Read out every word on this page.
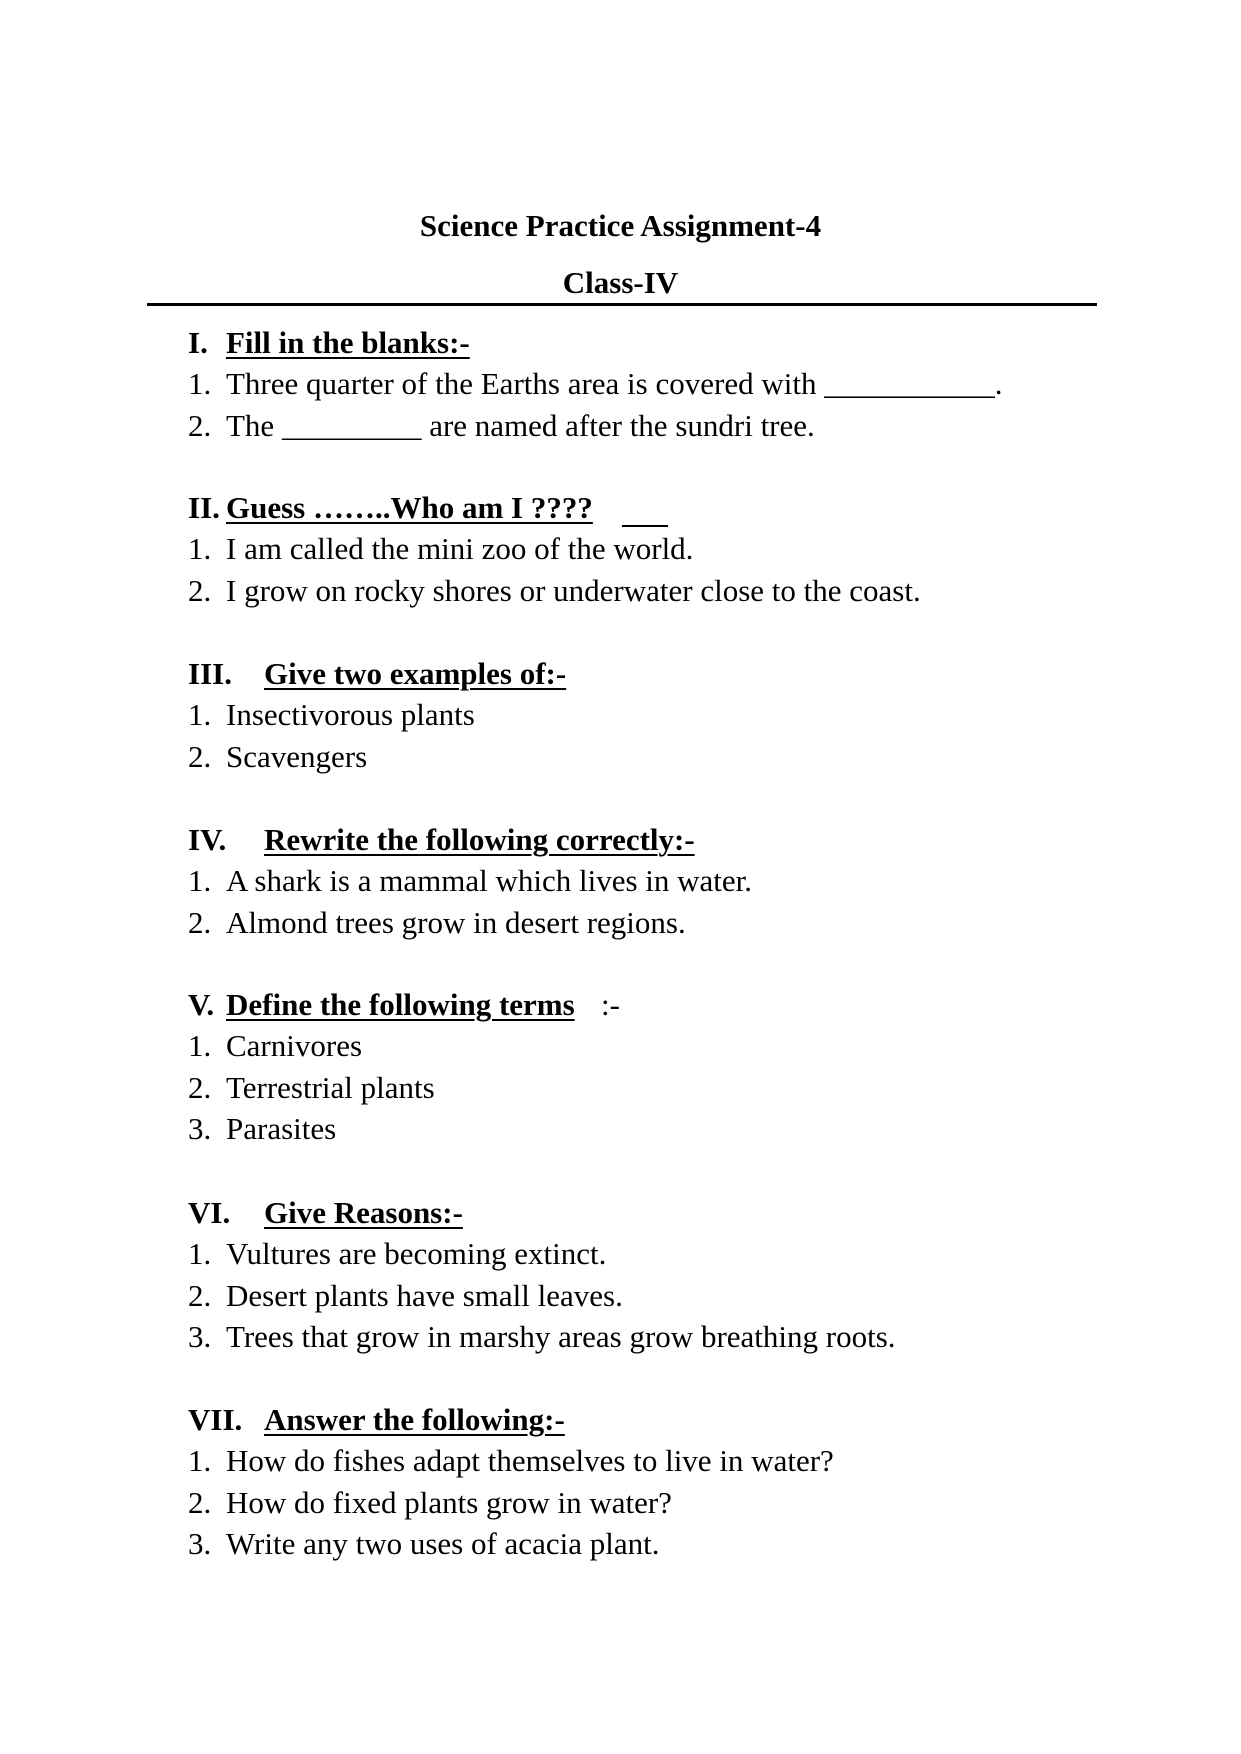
Science Practice Assignment-4
Class-IV
I. Fill in the blanks:-
1. Three quarter of the Earths area is covered with ___________.
2. The _________ are named after the sundri tree.
II. Guess ……..Who am I ????
1. I am called the mini zoo of the world.
2. I grow on rocky shores or underwater close to the coast.
III. Give two examples of:-
1. Insectivorous plants
2. Scavengers
IV. Rewrite the following correctly:-
1. A shark is a mammal which lives in water.
2. Almond trees grow in desert regions.
V. Define the following terms :-
1. Carnivores
2. Terrestrial plants
3. Parasites
VI. Give Reasons:-
1. Vultures are becoming extinct.
2. Desert plants have small leaves.
3. Trees that grow in marshy areas grow breathing roots.
VII. Answer the following:-
1. How do fishes adapt themselves to live in water?
2. How do fixed plants grow in water?
3. Write any two uses of acacia plant.
